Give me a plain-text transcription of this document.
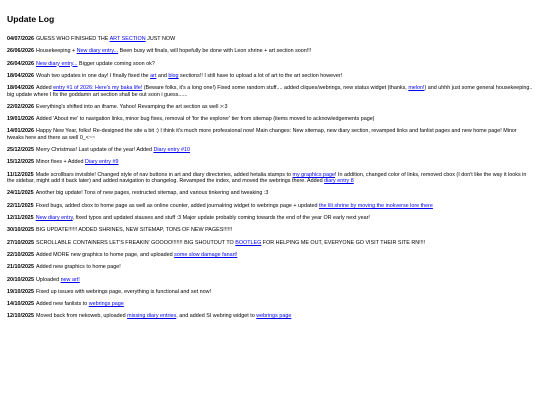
Update Log

04/07/2026 GUESS WHO FINISHED THE ART SECTION JUST NOW

26/06/2026 Housekeeping + New diary entry... Been busy wit finals, will hopefully be done with Leon shrine + art section soon!!!

26/04/2026 New diary entry... Bigger update coming soon ok?

18/04/2026 Woah two updates in one day! I finally fixed the art and blog sections!! I still have to upload a lot of art to the art section however!

18/04/2026 Added entry #1 of 2026: Here's my baka life! (Beware folks, it's a long one!) Fixed some random stuff.... added cliques/webrings, new status widget (thanks, melon!) and uhhh just some general housekeeping.. big update where I fix the goddamn art section shall be out soon i guess......

22/02/2026 Everything's shifted into an iframe. Yahoo! Revamping the art section as well >:3

19/01/2026 Added 'About me' to navigation links, minor bug fixes, removal of 'for the explorer' tier from sitemap (items moved to acknowledgements page)

14/01/2026 Happy New Year, folks! Re-designed the site a bit :) I think it's much more professional now! Main changes: New sitemap, new diary section, revamped links and fanlist pages and new home page! Minor tweaks here and there as well 0_<~~

25/12/2025 Merry Christmas! Last update of the year! Added Diary entry #10

15/12/2025 Minor fixes + Added Diary entry #9

11/12/2025 Made scrollbars invisible! Changed style of nav buttons in art and diary directories, added hetalia stamps to my graphics page! In addition, changed color of links, removed cbox (I don't like the way it looks in the sidebar, might add it back later) and added navigation to changelog. Revamped the index, and moved the webrings there. Added diary entry 8

24/11/2025 Another big update! Tons of new pages, restructed sitemap, and various tinkering and tweaking :3

22/11/2025 Fixed bugs, added cbox to home page as well as online counter, added journalring widget to webrings page + updated the lili shrine by moving the inokverse lore there

12/11/2025 New diary entry, fixed typos and updated stauses and stuff :3 Major update probably coming towards the end of the year OR early next year!

30/10/2025 BIG UPDATE!!!!!! ADDED SHRINES, NEW SITEMAP, TONS OF NEW PAGES!!!!!!

27/10/2025 SCROLLABLE CONTAINERS LET'S FREAKIN' GOOOO!!!!!!! BIG SHOUTOUT TO BOOTLEG FOR HELPING ME OUT, EVERYONE GO VISIT THEIR SITE RN!!!!

22/10/2025 Added MORE new graphics to home page, and uploaded some slow damage fanart!

21/10/2025 Added new graphics to home page!

20/10/2025 Uploaded new art!

19/10/2025 Fixed up issues with webrings page, everything is functional and set now!

14/10/2025 Added new fanlists to webrings page

12/10/2025 Moved back from nekoweb, uploaded missing diary entries, and added SI webring widget to webrings page
